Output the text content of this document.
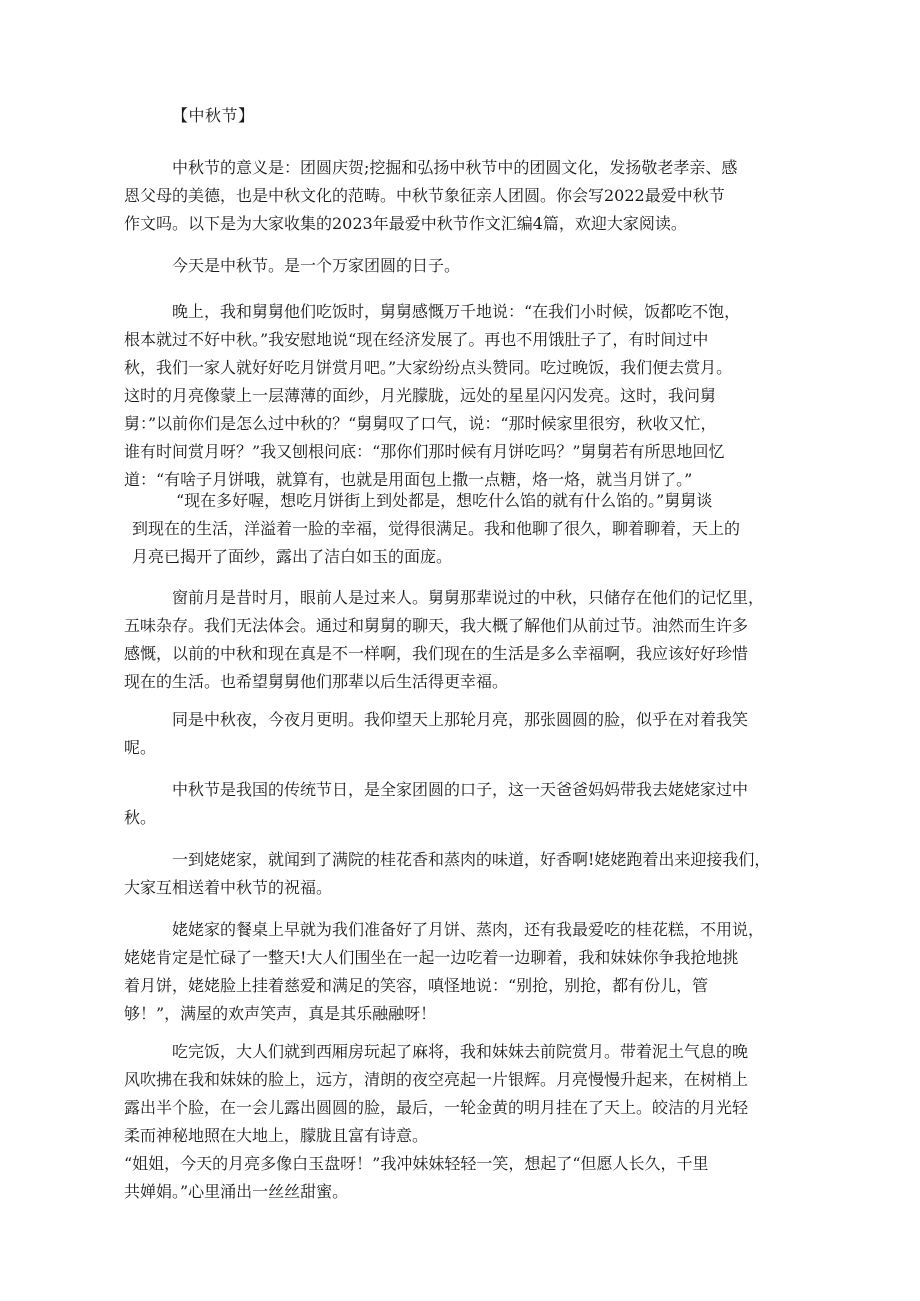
【中秋节】
中秋节的意义是：团圆庆贺;挖掘和弘扬中秋节中的团圆文化，发扬敬老孝亲、感
恩父母的美德，也是中秋文化的范畴。中秋节象征亲人团圆。你会写2022最爱中秋节
作文吗。以下是为大家收集的2023年最爱中秋节作文汇编4篇，欢迎大家阅读。
今天是中秋节。是一个万家团圆的日子。
晚上，我和舅舅他们吃饭时，舅舅感慨万千地说：“在我们小时候，饭都吃不饱，
根本就过不好中秋。”我安慰地说“现在经济发展了。再也不用饿肚子了，有时间过中
秋，我们一家人就好好吃月饼赏月吧。”大家纷纷点头赞同。吃过晚饭，我们便去赏月。
这时的月亮像蒙上一层薄薄的面纱，月光朦胧，远处的星星闪闪发亮。这时，我问舅
舅：”以前你们是怎么过中秋的？“舅舅叹了口气，说：“那时候家里很穷，秋收又忙，
谁有时间赏月呀？”我又刨根问底：“那你们那时候有月饼吃吗？”舅舅若有所思地回忆
道：“有啥子月饼哦，就算有，也就是用面包上撒一点糖，烙一烙，就当月饼了。”
“现在多好喔，想吃月饼街上到处都是，想吃什么馅的就有什么馅的。”舅舅谈
到现在的生活，洋溢着一脸的幸福，觉得很满足。我和他聊了很久，聊着聊着，天上的
月亮已揭开了面纱，露出了洁白如玉的面庞。
窗前月是昔时月，眼前人是过来人。舅舅那辈说过的中秋，只储存在他们的记忆里，
五味杂存。我们无法体会。通过和舅舅的聊天，我大概了解他们从前过节。油然而生许多
感慨，以前的中秋和现在真是不一样啊，我们现在的生活是多么幸福啊，我应该好好珍惜
现在的生活。也希望舅舅他们那辈以后生活得更幸福。
同是中秋夜，今夜月更明。我仰望天上那轮月亮，那张圆圆的脸，似乎在对着我笑
呢。
中秋节是我国的传统节日，是全家团圆的口子，这一天爸爸妈妈带我去姥姥家过中
秋。
一到姥姥家，就闻到了满院的桂花香和蒸肉的味道，好香啊!姥姥跑着出来迎接我们，
大家互相送着中秋节的祝福。
姥姥家的餐桌上早就为我们准备好了月饼、蒸肉，还有我最爱吃的桂花糕，不用说，
姥姥肯定是忙碌了一整天!大人们围坐在一起一边吃着一边聊着，我和妹妹你争我抢地挑
着月饼，姥姥脸上挂着慈爱和满足的笑容，嗔怪地说：“别抢，别抢，都有份儿，管
够！”，满屋的欢声笑声，真是其乐融融呀！
吃完饭，大人们就到西厢房玩起了麻将，我和妹妹去前院赏月。带着泥土气息的晚
风吹拂在我和妹妹的脸上，远方，清朗的夜空亮起一片银辉。月亮慢慢升起来，在树梢上
露出半个脸，在一会儿露出圆圆的脸，最后，一轮金黄的明月挂在了天上。皎洁的月光轻
柔而神秘地照在大地上，朦胧且富有诗意。
“姐姐，今天的月亮多像白玉盘呀！”我冲妹妹轻轻一笑，想起了“但愿人长久，千里
共婵娟。”心里涌出一丝丝甜蜜。
